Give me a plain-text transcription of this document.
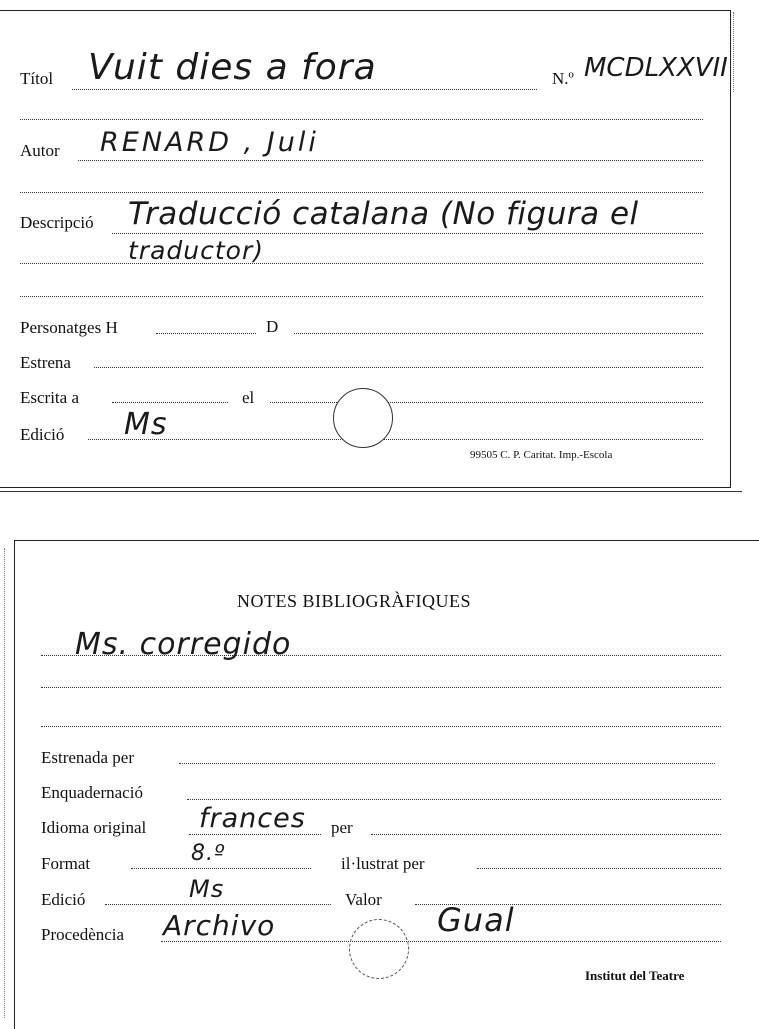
Títol Vuit dies a fora	N.º MCDLXXVII
Autor RENARD , Juli
Descripció Traducció catalana (No figura el
traductor)
Personatges H	D
Estrena
Escrita a	el
Edició Ms
99505 C. P. Caritat. Imp.-Escola
NOTES BIBLIOGRÀFIQUES
Ms. corregido
Estrenada per
Enquadernació
Idioma original frances per
Format	8.º	il·lustrat per
Edició	Ms	Valor
Procedència Archivo	Gual
Institut del Teatre
